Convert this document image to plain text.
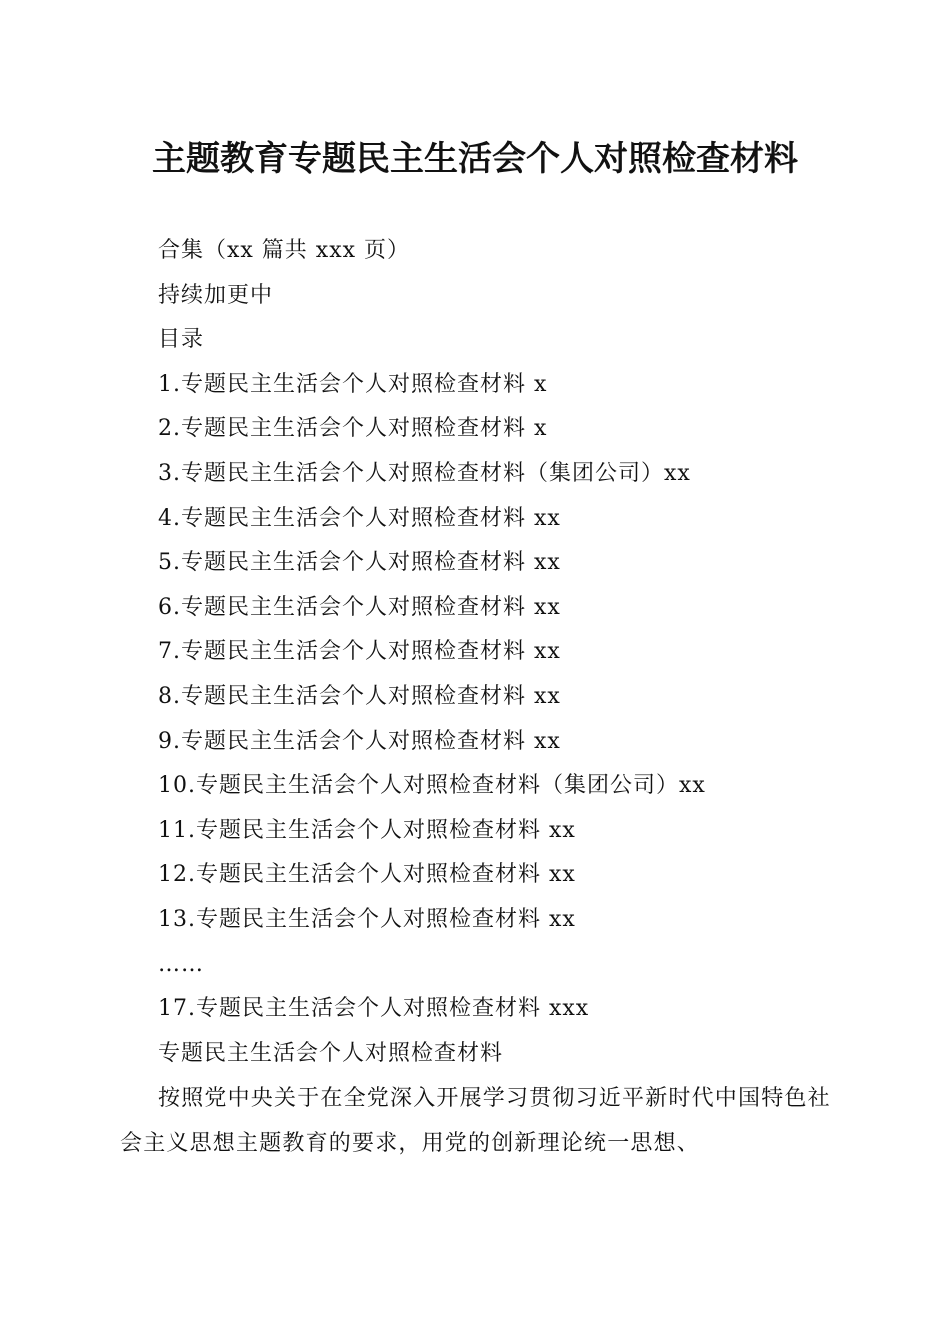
主题教育专题民主生活会个人对照检查材料
合集（xx 篇共 xxx 页）
持续加更中
目录
1.专题民主生活会个人对照检查材料 x
2.专题民主生活会个人对照检查材料 x
3.专题民主生活会个人对照检查材料（集团公司）xx
4.专题民主生活会个人对照检查材料 xx
5.专题民主生活会个人对照检查材料 xx
6.专题民主生活会个人对照检查材料 xx
7.专题民主生活会个人对照检查材料 xx
8.专题民主生活会个人对照检查材料 xx
9.专题民主生活会个人对照检查材料 xx
10.专题民主生活会个人对照检查材料（集团公司）xx
11.专题民主生活会个人对照检查材料 xx
12.专题民主生活会个人对照检查材料 xx
13.专题民主生活会个人对照检查材料 xx
……
17.专题民主生活会个人对照检查材料 xxx
专题民主生活会个人对照检查材料
按照党中央关于在全党深入开展学习贯彻习近平新时代中国特色社会主义思想主题教育的要求，用党的创新理论统一思想、
